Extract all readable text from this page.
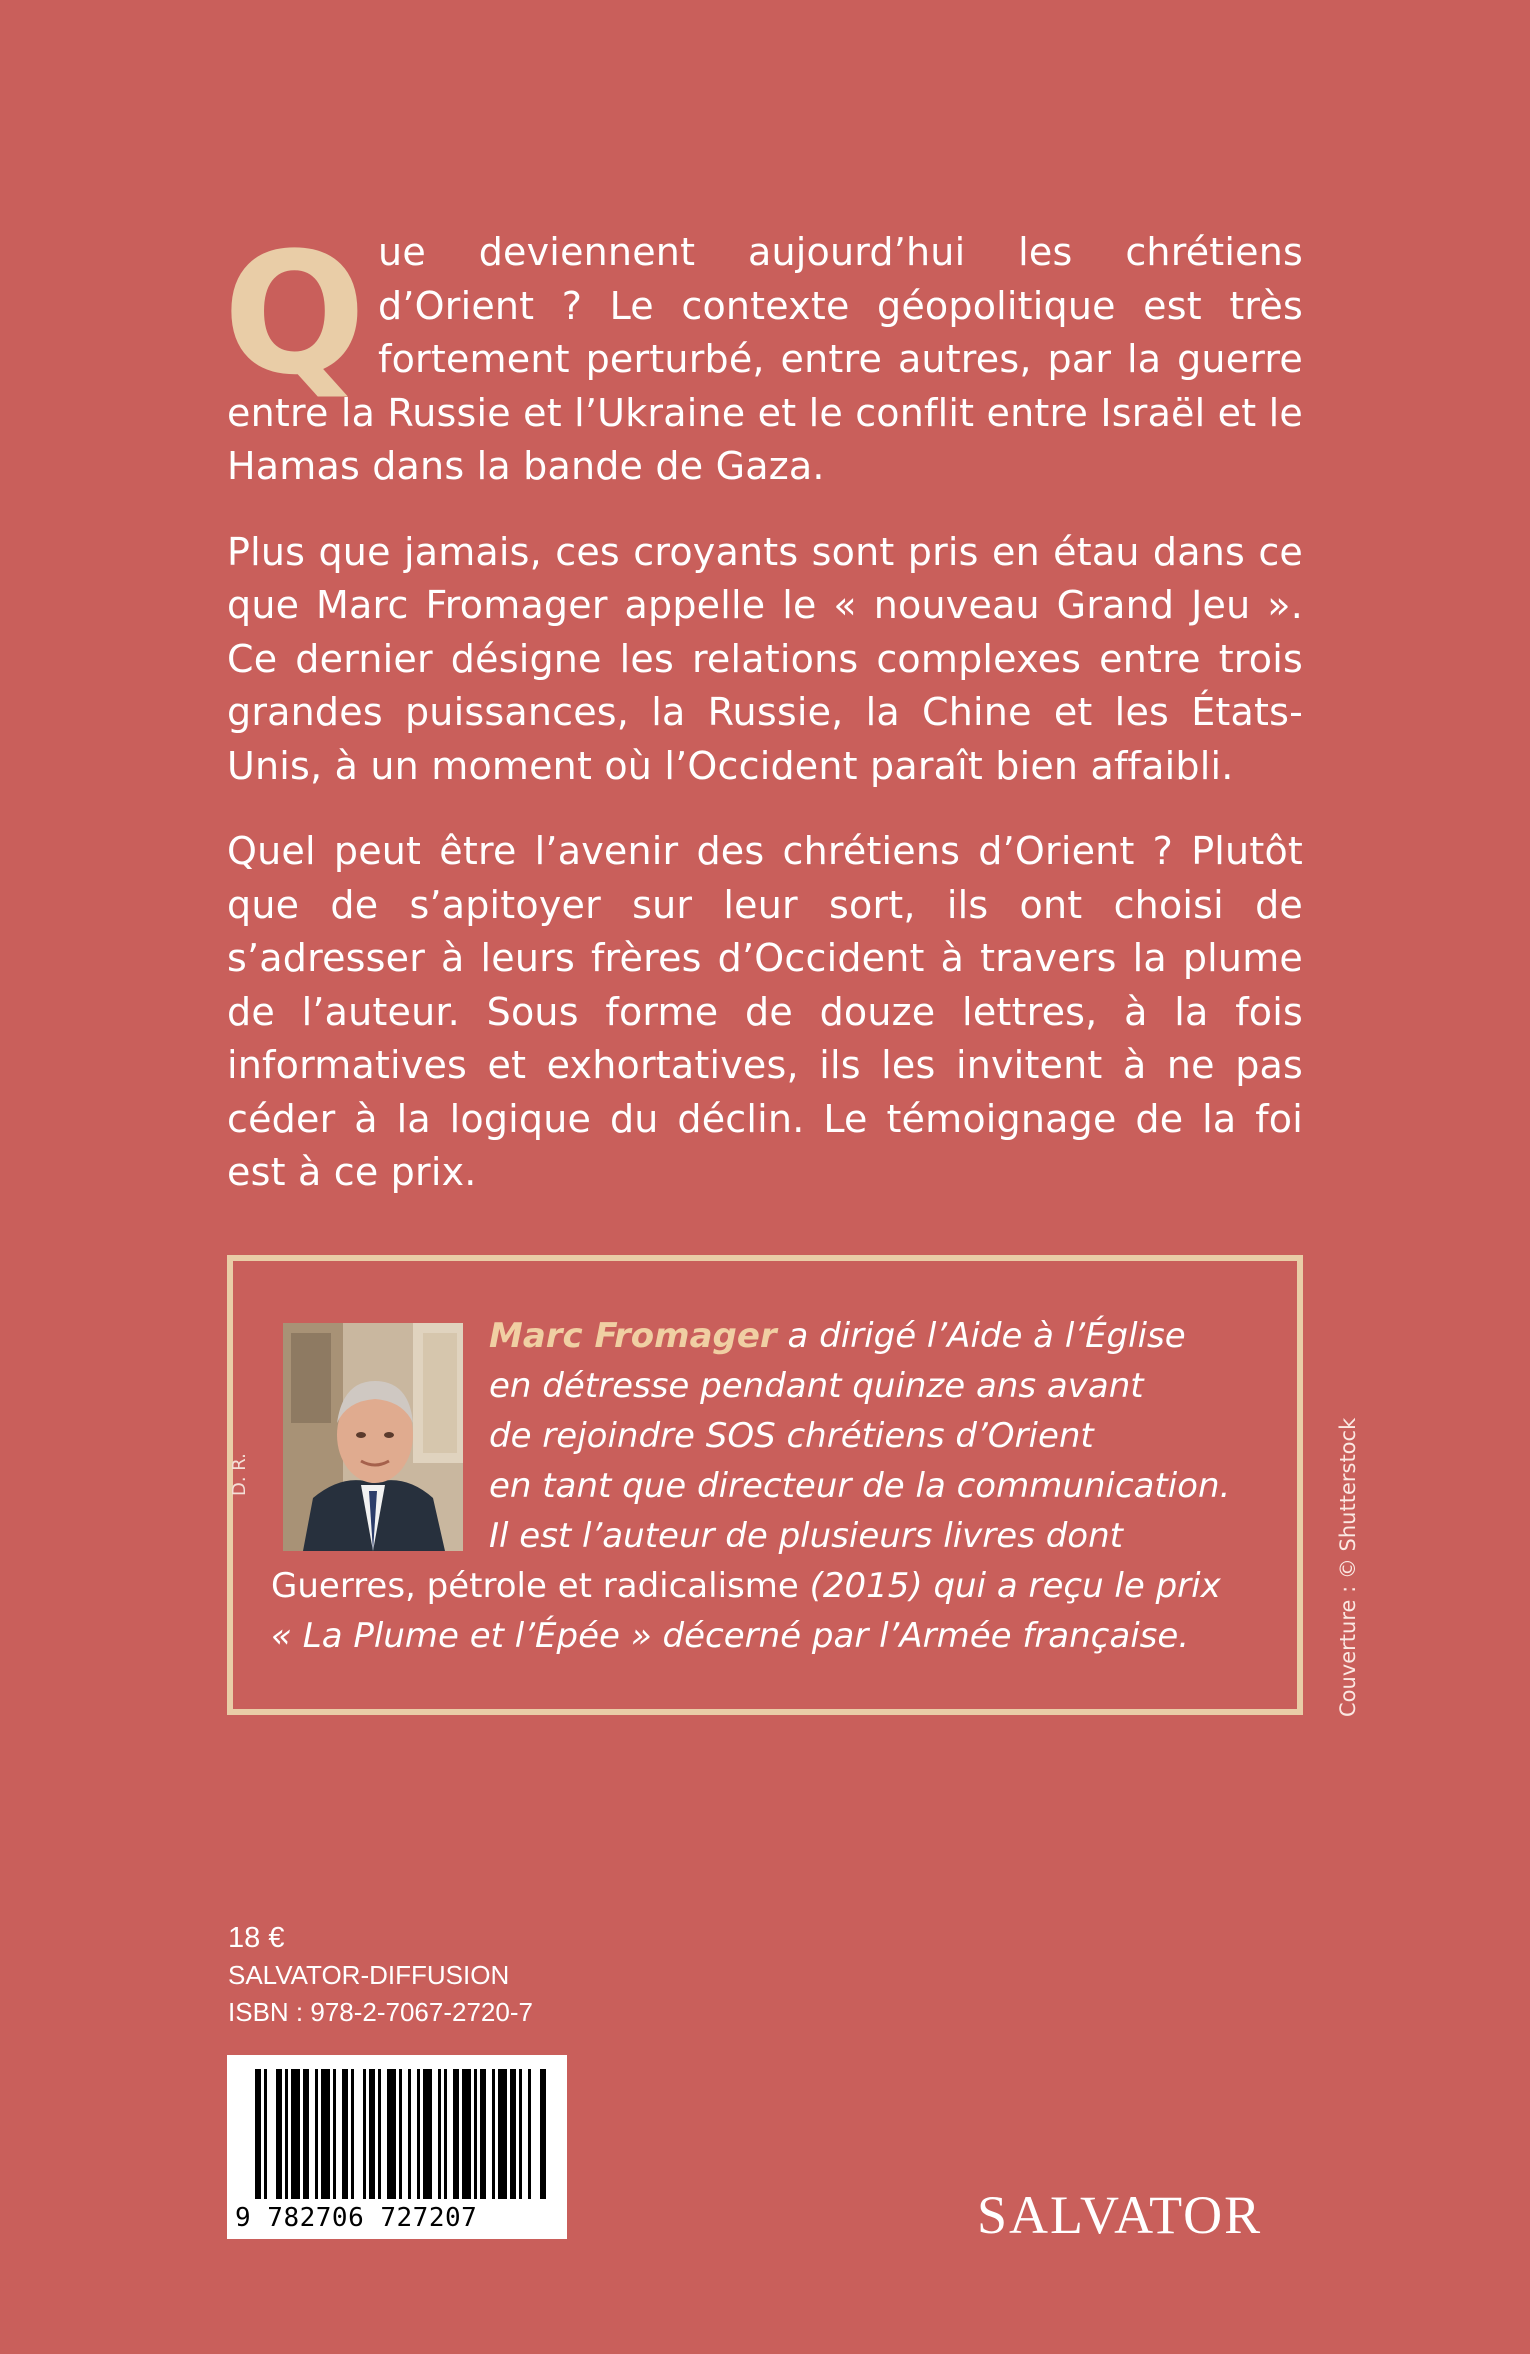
Que deviennent aujourd’hui les chrétiens d’Orient ? Le contexte géopolitique est très fortement perturbé, entre autres, par la guerre entre la Russie et l’Ukraine et le conflit entre Israël et le Hamas dans la bande de Gaza.

Plus que jamais, ces croyants sont pris en étau dans ce que Marc Fromager appelle le « nouveau Grand Jeu ». Ce dernier désigne les relations complexes entre trois grandes puissances, la Russie, la Chine et les États-Unis, à un moment où l’Occident paraît bien affaibli.

Quel peut être l’avenir des chrétiens d’Orient ? Plutôt que de s’apitoyer sur leur sort, ils ont choisi de s’adresser à leurs frères d’Occident à travers la plume de l’auteur. Sous forme de douze lettres, à la fois informatives et exhortatives, ils les invitent à ne pas céder à la logique du déclin. Le témoignage de la foi est à ce prix.

D. R.
Marc Fromager a dirigé l’Aide à l’Église
en détresse pendant quinze ans avant
de rejoindre SOS chrétiens d’Orient
en tant que directeur de la communication.
Il est l’auteur de plusieurs livres dont
Guerres, pétrole et radicalisme (2015) qui a reçu le prix
« La Plume et l’Épée » décerné par l’Armée française.	Couverture : © Shutterstock
18 €
SALVATOR-DIFFUSION
ISBN : 978-2-7067-2720-7
9 782706 727207	SALVATOR
